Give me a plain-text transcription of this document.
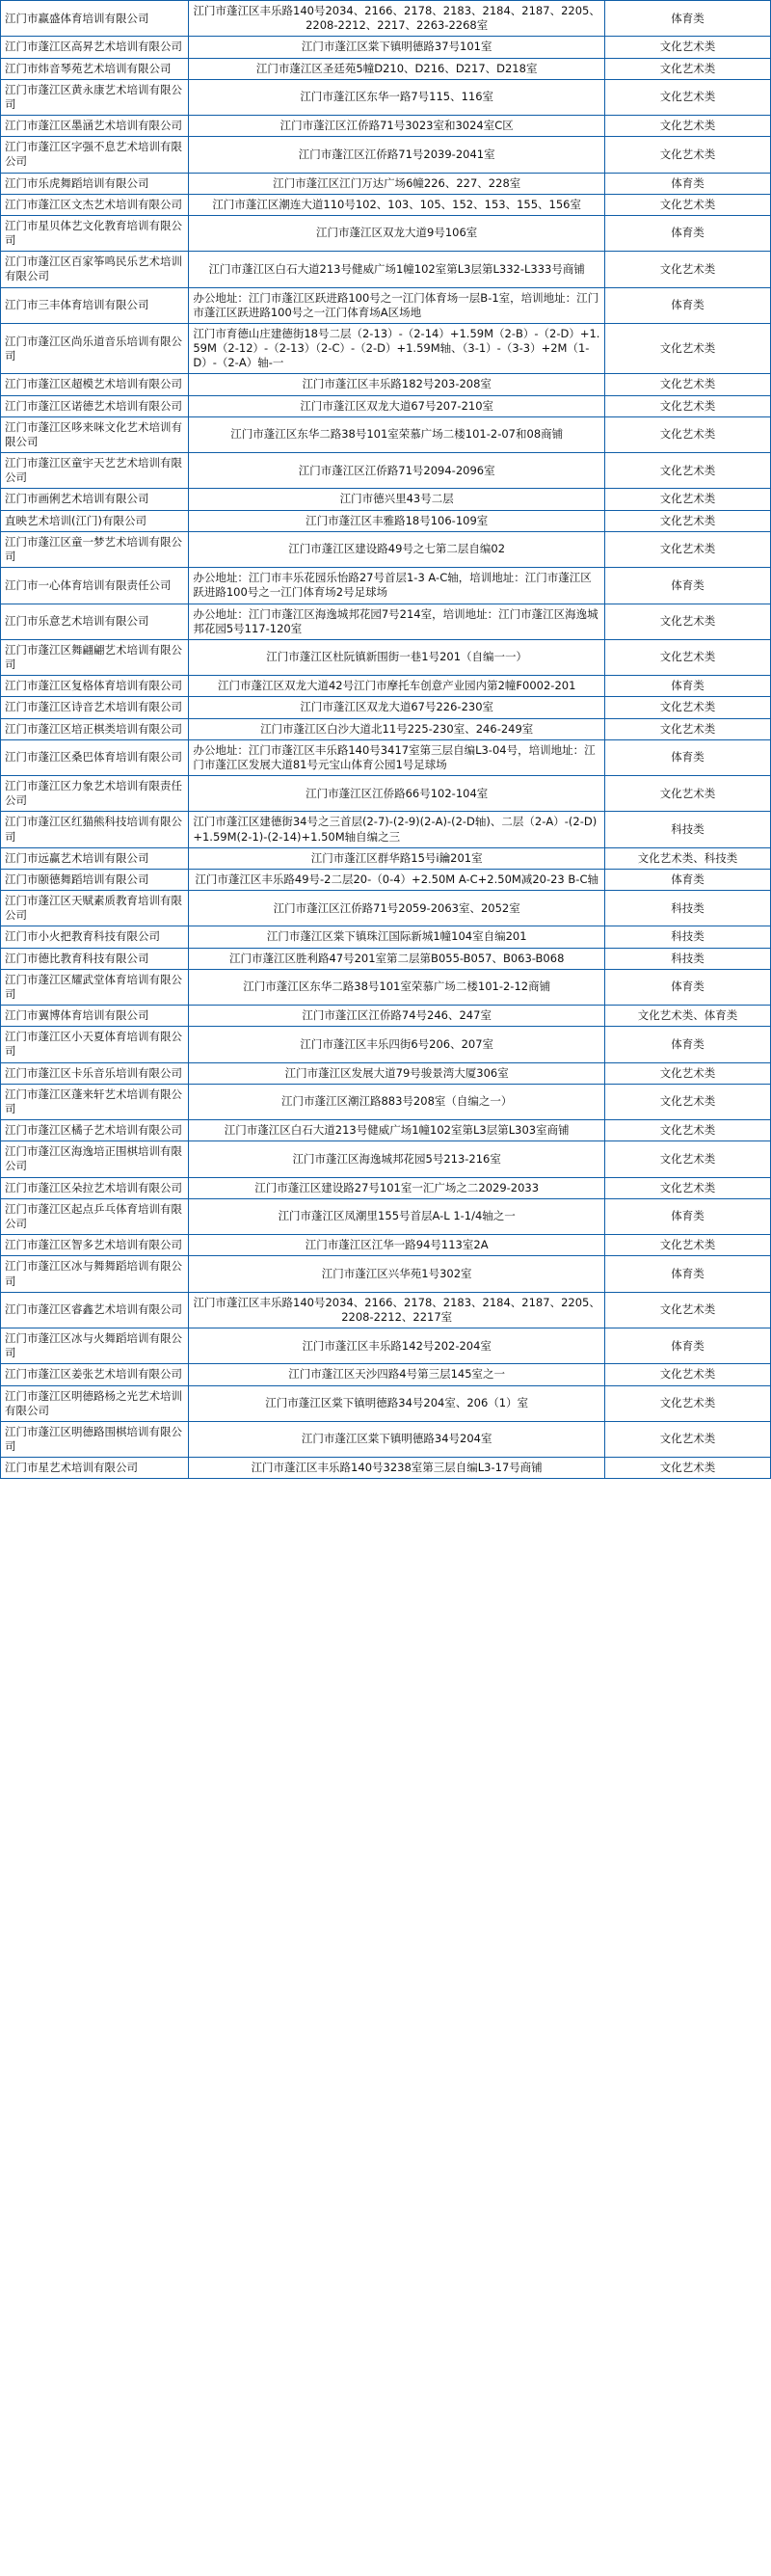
江门市赢盛体育培训有限公司	江门市蓬江区丰乐路140号2034、2166、2178、2183、2184、2187、2205、2208-2212、2217、2263-2268室	体育类
江门市蓬江区高昇艺术培训有限公司	江门市蓬江区棠下镇明德路37号101室	文化艺术类
江门市炜音琴苑艺术培训有限公司	江门市蓬江区圣廷苑5幢D210、D216、D217、D218室	文化艺术类
江门市蓬江区黄永康艺术培训有限公司	江门市蓬江区东华一路7号115、116室	文化艺术类
江门市蓬江区墨涵艺术培训有限公司	江门市蓬江区江侨路71号3023室和3024室C区	文化艺术类
江门市蓬江区字强不息艺术培训有限公司	江门市蓬江区江侨路71号2039-2041室	文化艺术类
江门市乐虎舞蹈培训有限公司	江门市蓬江区江门万达广场6幢226、227、228室	体育类
江门市蓬江区文杰艺术培训有限公司	江门市蓬江区潮连大道110号102、103、105、152、153、155、156室	文化艺术类
江门市星贝体艺文化教育培训有限公司	江门市蓬江区双龙大道9号106室	体育类
江门市蓬江区百家筝鸣民乐艺术培训有限公司	江门市蓬江区白石大道213号健威广场1幢102室第L3层第L332-L333号商铺	文化艺术类
江门市三丰体育培训有限公司	办公地址：江门市蓬江区跃进路100号之一江门体育场一层B-1室，培训地址：江门市蓬江区跃进路100号之一江门体育场A区场地	体育类
江门市蓬江区尚乐道音乐培训有限公司	江门市育德山庄建德街18号二层（2-13）-（2-14）+1.59M（2-B）-（2-D）+1.59M（2-12）-（2-13）（2-C）-（2-D）+1.59M轴、（3-1）-（3-3）+2M（1-D）-（2-A）轴-一	文化艺术类
江门市蓬江区超模艺术培训有限公司	江门市蓬江区丰乐路182号203-208室	文化艺术类
江门市蓬江区诺德艺术培训有限公司	江门市蓬江区双龙大道67号207-210室	文化艺术类
江门市蓬江区哆来咪文化艺术培训有限公司	江门市蓬江区东华二路38号101室荣慕广场二楼101-2-07和08商铺	文化艺术类
江门市蓬江区童宇天艺艺术培训有限公司	江门市蓬江区江侨路71号2094-2096室	文化艺术类
江门市画俐艺术培训有限公司	江门市德兴里43号二层	文化艺术类
直映艺术培训(江门)有限公司	江门市蓬江区丰雅路18号106-109室	文化艺术类
江门市蓬江区童一梦艺术培训有限公司	江门市蓬江区建设路49号之七第二层自编02	文化艺术类
江门市一心体育培训有限责任公司	办公地址：江门市丰乐花园乐怡路27号首层1-3 A-C轴，培训地址：江门市蓬江区跃进路100号之一江门体育场2号足球场	体育类
江门市乐意艺术培训有限公司	办公地址：江门市蓬江区海逸城邦花园7号214室，培训地址：江门市蓬江区海逸城邦花园5号117-120室	文化艺术类
江门市蓬江区舞翩翩艺术培训有限公司	江门市蓬江区杜阮镇新围街一巷1号201（自编一一）	文化艺术类
江门市蓬江区复格体育培训有限公司	江门市蓬江区双龙大道42号江门市摩托车创意产业园内第2幢F0002-201	体育类
江门市蓬江区诗音艺术培训有限公司	江门市蓬江区双龙大道67号226-230室	文化艺术类
江门市蓬江区培正棋类培训有限公司	江门市蓬江区白沙大道北11号225-230室、246-249室	文化艺术类
江门市蓬江区桑巴体育培训有限公司	办公地址：江门市蓬江区丰乐路140号3417室第三层自编L3-04号，培训地址：江门市蓬江区发展大道81号元宝山体育公园1号足球场	体育类
江门市蓬江区力象艺术培训有限责任公司	江门市蓬江区江侨路66号102-104室	文化艺术类
江门市蓬江区红猫熊科技培训有限公司	江门市蓬江区建德街34号之三首层(2-7)-(2-9)(2-A)-(2-D轴)、二层（2-A）-(2-D)+1.59M(2-1)-(2-14)+1.50M轴自编之三	科技类
江门市远赢艺术培训有限公司	江门市蓬江区群华路15号i鑰201室	文化艺术类、科技类
江门市颐德舞蹈培训有限公司	江门市蓬江区丰乐路49号-2二层20-（0-4）+2.50M A-C+2.50M减20-23 B-C轴	体育类
江门市蓬江区天赋素质教育培训有限公司	江门市蓬江区江侨路71号2059-2063室、2052室	科技类
江门市小火把教育科技有限公司	江门市蓬江区棠下镇珠江国际新城1幢104室自编201	科技类
江门市德比教育科技有限公司	江门市蓬江区胜利路47号201室第二层第B055-B057、B063-B068	科技类
江门市蓬江区耀武堂体育培训有限公司	江门市蓬江区东华二路38号101室荣慕广场二楼101-2-12商铺	体育类
江门市翼博体育培训有限公司	江门市蓬江区江侨路74号246、247室	文化艺术类、体育类
江门市蓬江区小天夏体育培训有限公司	江门市蓬江区丰乐四街6号206、207室	体育类
江门市蓬江区卡乐音乐培训有限公司	江门市蓬江区发展大道79号骏景湾大厦306室	文化艺术类
江门市蓬江区蓬来轩艺术培训有限公司	江门市蓬江区潮江路883号208室（自编之一）	文化艺术类
江门市蓬江区橘子艺术培训有限公司	江门市蓬江区白石大道213号健威广场1幢102室第L3层第L303室商铺	文化艺术类
江门市蓬江区海逸培正围棋培训有限公司	江门市蓬江区海逸城邦花园5号213-216室	文化艺术类
江门市蓬江区朵拉艺术培训有限公司	江门市蓬江区建设路27号101室一汇广场之二2029-2033	文化艺术类
江门市蓬江区起点乒乓体育培训有限公司	江门市蓬江区凤潮里155号首层A-L 1-1/4轴之一	体育类
江门市蓬江区智多艺术培训有限公司	江门市蓬江区江华一路94号113室2A	文化艺术类
江门市蓬江区冰与舞舞蹈培训有限公司	江门市蓬江区兴华苑1号302室	体育类
江门市蓬江区睿鑫艺术培训有限公司	江门市蓬江区丰乐路140号2034、2166、2178、2183、2184、2187、2205、2208-2212、2217室	文化艺术类
江门市蓬江区冰与火舞蹈培训有限公司	江门市蓬江区丰乐路142号202-204室	体育类
江门市蓬江区姜张艺术培训有限公司	江门市蓬江区天沙四路4号第三层145室之一	文化艺术类
江门市蓬江区明德路杨之光艺术培训有限公司	江门市蓬江区棠下镇明德路34号204室、206（1）室	文化艺术类
江门市蓬江区明德路围棋培训有限公司	江门市蓬江区棠下镇明德路34号204室	文化艺术类
江门市星艺术培训有限公司	江门市蓬江区丰乐路140号3238室第三层自编L3-17号商铺	文化艺术类
